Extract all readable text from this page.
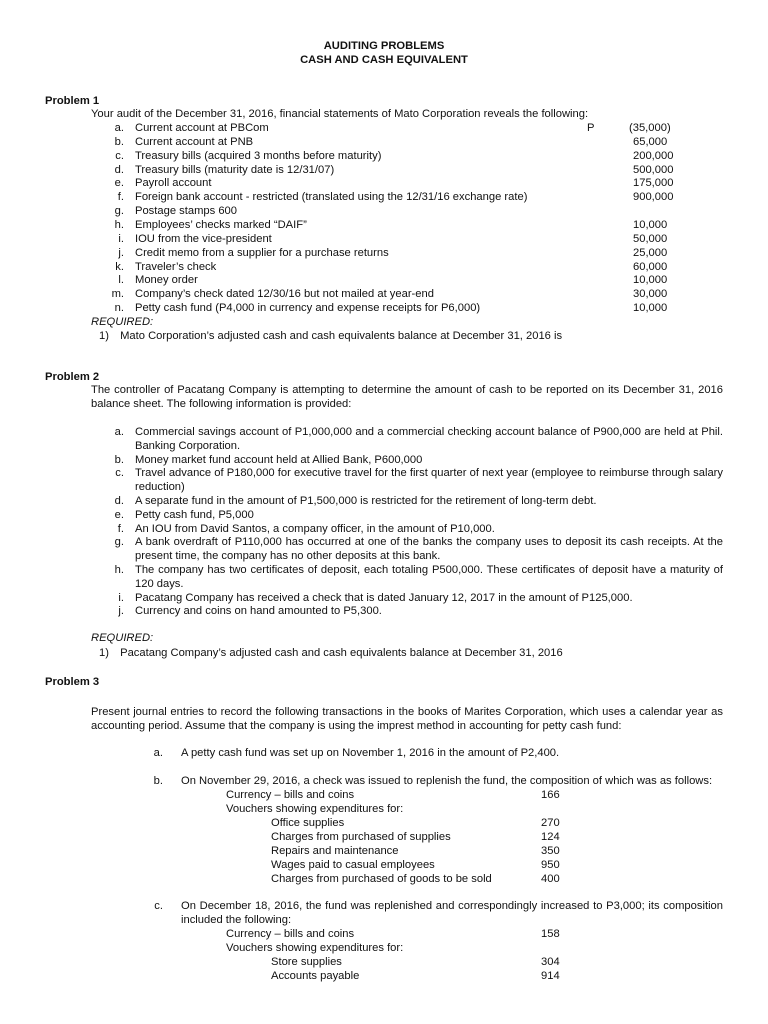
AUDITING PROBLEMS
CASH AND CASH EQUIVALENT
Problem 1
Your audit of the December 31, 2016, financial statements of Mato Corporation reveals the following:
P
a. Current account at PBCom	(35,000)
b. Current account at PNB	65,000
c. Treasury bills (acquired 3 months before maturity)	200,000
d. Treasury bills (maturity date is 12/31/07)	500,000
e. Payroll account	175,000
f. Foreign bank account - restricted (translated using the 12/31/16 exchange rate)	900,000
g. Postage stamps 600
h. Employees’ checks marked “DAIF”	10,000
i. IOU from the vice-president	50,000
j. Credit memo from a supplier for a purchase returns	25,000
k. Traveler’s check	60,000
l. Money order	10,000
m. Company’s check dated 12/30/16 but not mailed at year-end	30,000
n. Petty cash fund (P4,000 in currency and expense receipts for P6,000)	10,000
REQUIRED:
1) Mato Corporation’s adjusted cash and cash equivalents balance at December 31, 2016 is
Problem 2
The controller of Pacatang Company is attempting to determine the amount of cash to be reported on its December 31, 2016 balance sheet. The following information is provided:
a. Commercial savings account of P1,000,000 and a commercial checking account balance of P900,000 are held at Phil. Banking Corporation.
b. Money market fund account held at Allied Bank, P600,000
c. Travel advance of P180,000 for executive travel for the first quarter of next year (employee to reimburse through salary reduction)
d. A separate fund in the amount of P1,500,000 is restricted for the retirement of long-term debt.
e. Petty cash fund, P5,000
f. An IOU from David Santos, a company officer, in the amount of P10,000.
g. A bank overdraft of P110,000 has occurred at one of the banks the company uses to deposit its cash receipts. At the present time, the company has no other deposits at this bank.
h. The company has two certificates of deposit, each totaling P500,000. These certificates of deposit have a maturity of 120 days.
i. Pacatang Company has received a check that is dated January 12, 2017 in the amount of P125,000.
j. Currency and coins on hand amounted to P5,300.
REQUIRED:
1) Pacatang Company’s adjusted cash and cash equivalents balance at December 31, 2016
Problem 3
Present journal entries to record the following transactions in the books of Marites Corporation, which uses a calendar year as accounting period. Assume that the company is using the imprest method in accounting for petty cash fund:
a. A petty cash fund was set up on November 1, 2016 in the amount of P2,400.
b. On November 29, 2016, a check was issued to replenish the fund, the composition of which was as follows:
Currency – bills and coins	166
Vouchers showing expenditures for:
Office supplies	270
Charges from purchased of supplies	124
Repairs and maintenance	350
Wages paid to casual employees	950
Charges from purchased of goods to be sold	400
c. On December 18, 2016, the fund was replenished and correspondingly increased to P3,000; its composition included the following:
Currency – bills and coins	158
Vouchers showing expenditures for:
Store supplies	304
Accounts payable	914
